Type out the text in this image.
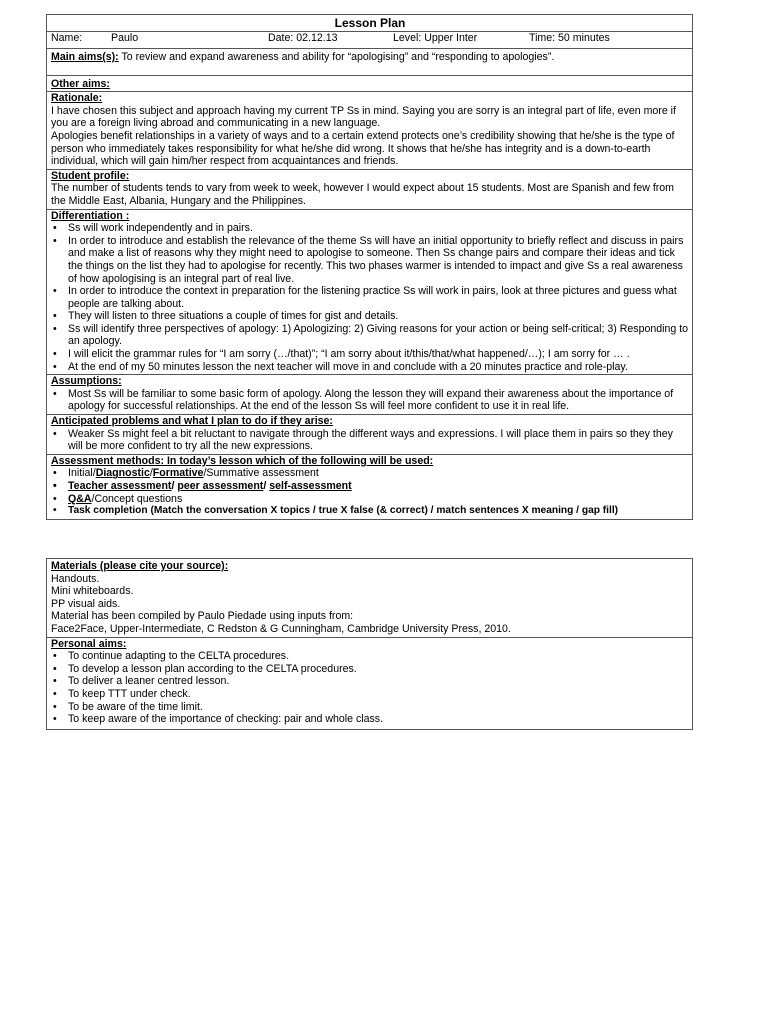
Lesson Plan
Name:	Paulo	Date: 02.12.13	Level: Upper Inter	Time: 50 minutes
Main aims(s): To review and expand awareness and ability for “apologising” and “responding to apologies”.
Other aims:
Rationale:

I have chosen this subject and approach having my current TP Ss in mind. Saying you are sorry is an integral part of life, even more if you are a foreign living abroad and communicating in a new language.

Apologies benefit relationships in a variety of ways and to a certain extend protects one’s credibility showing that he/she is the type of person who immediately takes responsibility for what he/she did wrong. It shows that he/she has integrity and is a down-to-earth individual, which will gain him/her respect from acquaintances and friends.

Student profile:

The number of students tends to vary from week to week, however I would expect about 15 students. Most are Spanish and few from the Middle East, Albania, Hungary and the Philippines.

Differentiation :
• Ss will work independently and in pairs.
• In order to introduce and establish the relevance of the theme Ss will have an initial opportunity to briefly reflect and discuss in pairs and make a list of reasons why they might need to apologise to someone. Then Ss change pairs and compare their ideas and tick the things on the list they had to apologise for recently. This two phases warmer is intended to impact and give Ss a real awareness of how apologising is an integral part of real live.
• In order to introduce the context in preparation for the listening practice Ss will work in pairs, look at three pictures and guess what people are talking about.
• They will listen to three situations a couple of times for gist and details.
• Ss will identify three perspectives of apology: 1) Apologizing: 2) Giving reasons for your action or being self-critical; 3) Responding to an apology.
• I will elicit the grammar rules for “I am sorry (…/that)”; “I am sorry about it/this/that/what happened/…); I am sorry for … .
• At the end of my 50 minutes lesson the next teacher will move in and conclude with a 20 minutes practice and role-play.
Assumptions:
• Most Ss will be familiar to some basic form of apology. Along the lesson they will expand their awareness about the importance of apology for successful relationships. At the end of the lesson Ss will feel more confident to use it in real life.
Anticipated problems and what I plan to do if they arise:
• Weaker Ss might feel a bit reluctant to navigate through the different ways and expressions. I will place them in pairs so they they will be more confident to try all the new expressions.
Assessment methods: In today’s lesson which of the following will be used:
• Initial/Diagnostic/Formative/Summative assessment
• Teacher assessment/ peer assessment/ self-assessment
• Q&A/Concept questions
• Task completion (Match the conversation X topics / true X false (& correct) / match sentences X meaning / gap fill)
Materials (please cite your source):

Handouts.

Mini whiteboards.

PP visual aids.

Material has been compiled by Paulo Piedade using inputs from:

Face2Face, Upper-Intermediate, C Redston & G Cunningham, Cambridge University Press, 2010.

Personal aims:
• To continue adapting to the CELTA procedures.
• To develop a lesson plan according to the CELTA procedures.
• To deliver a leaner centred lesson.
• To keep TTT under check.
• To be aware of the time limit.
• To keep aware of the importance of checking: pair and whole class.
